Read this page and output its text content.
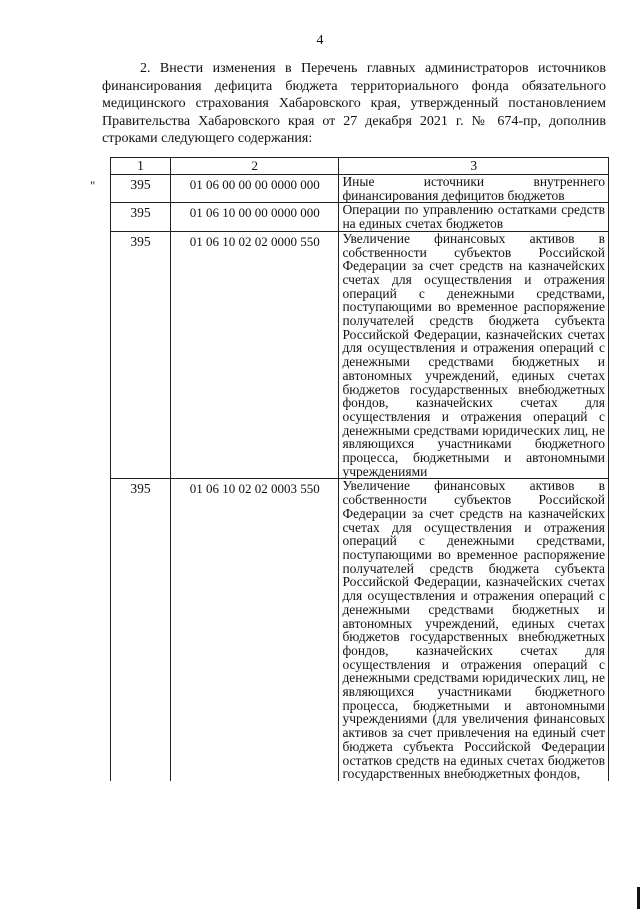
4

2. Внести изменения в Перечень главных администраторов источников финансирования дефицита бюджета территориального фонда обязательного медицинского страхования Хабаровского края, утвержденный постановлением Правительства Хабаровского края от 27 декабря 2021 г. № 674-пр, дополнив строками следующего содержания:

"
1	2	3
395	01 06 00 00 00 0000 000	Иные источники внутреннего финансирования дефицитов бюджетов
395	01 06 10 00 00 0000 000	Операции по управлению остатками средств на единых счетах бюджетов
395	01 06 10 02 02 0000 550	Увеличение финансовых активов в собственности субъектов Российской Федерации за счет средств на казначейских счетах для осуществления и отражения операций с денежными средствами, поступающими во временное распоряжение получателей средств бюджета субъекта Российской Федерации, казначейских счетах для осуществления и отражения операций с денежными средствами бюджетных и автономных учреждений, единых счетах бюджетов государственных внебюджетных фондов, казначейских счетах для осуществления и отражения операций с денежными средствами юридических лиц, не являющихся участниками бюджетного процесса, бюджетными и автономными учреждениями
395	01 06 10 02 02 0003 550	Увеличение финансовых активов в собственности субъектов Российской Федерации за счет средств на казначейских счетах для осуществления и отражения операций с денежными средствами, поступающими во временное распоряжение получателей средств бюджета субъекта Российской Федерации, казначейских счетах для осуществления и отражения операций с денежными средствами бюджетных и автономных учреждений, единых счетах бюджетов государственных внебюджетных фондов, казначейских счетах для осуществления и отражения операций с денежными средствами юридических лиц, не являющихся участниками бюджетного процесса, бюджетными и автономными учреждениями (для увеличения финансовых активов за счет привлечения на единый счет бюджета субъекта Российской Федерации остатков средств на единых счетах бюджетов государственных внебюджетных фондов,
